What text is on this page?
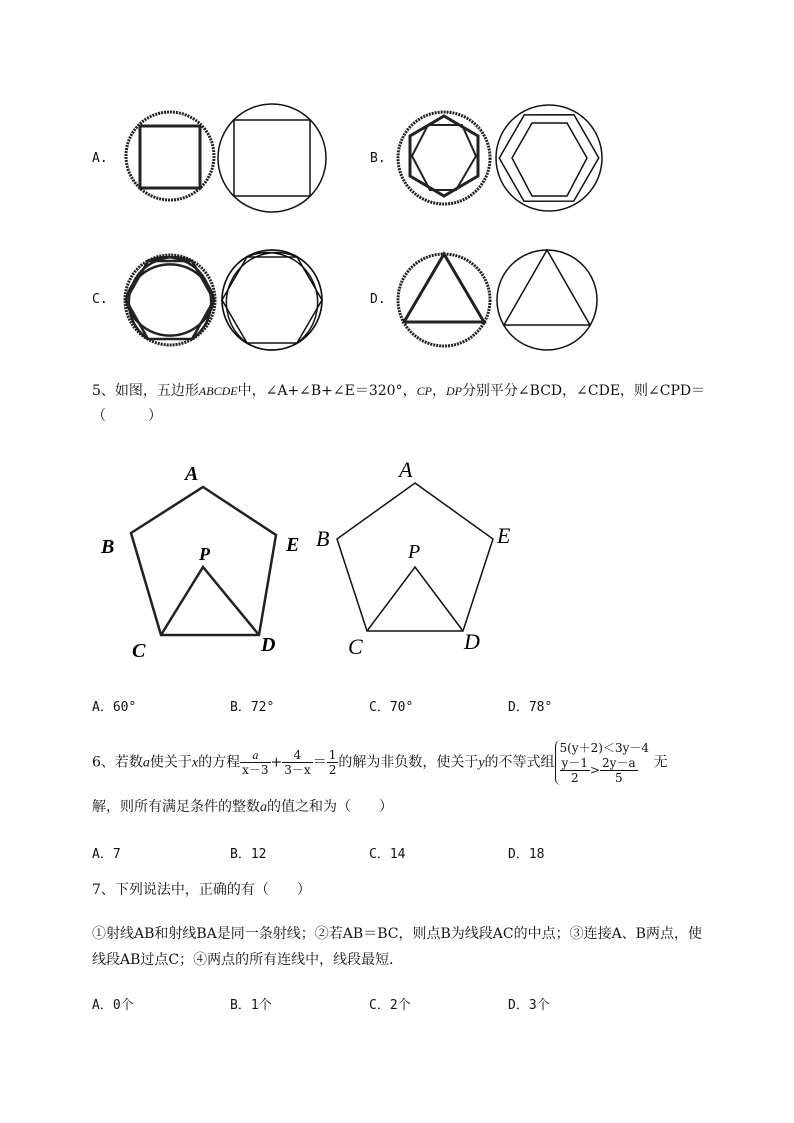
A.	B.
C.	D.
5、如图，五边形ABCDE中，∠A+∠B+∠E＝320°，CP，DP分别平分∠BCD，∠CDE，则∠CPD＝
（　　　）
A
B
C	D
E
P
A
B
C	D
E
P
A．60°	B．72°	C．70°	D．78°
6、若数a使关于x的方程 $\frac{a}{x-3} + \frac{4}{3-x} = \frac{1}{2}$ 的解为非负数，使关于y的不等式组
5(y＋2)＜3y－4
$\frac{y-1}{2} > \frac{2y-a}{5}$ 无
解，则所有满足条件的整数a的值之和为（　　）
A．7	B．12	C．14	D．18
7、下列说法中，正确的有（　　）
①射线AB和射线BA是同一条射线；②若AB＝BC，则点B为线段AC的中点；③连接A、B两点，使
线段AB过点C；④两点的所有连线中，线段最短．
A．0个	B．1个	C．2个	D．3个
